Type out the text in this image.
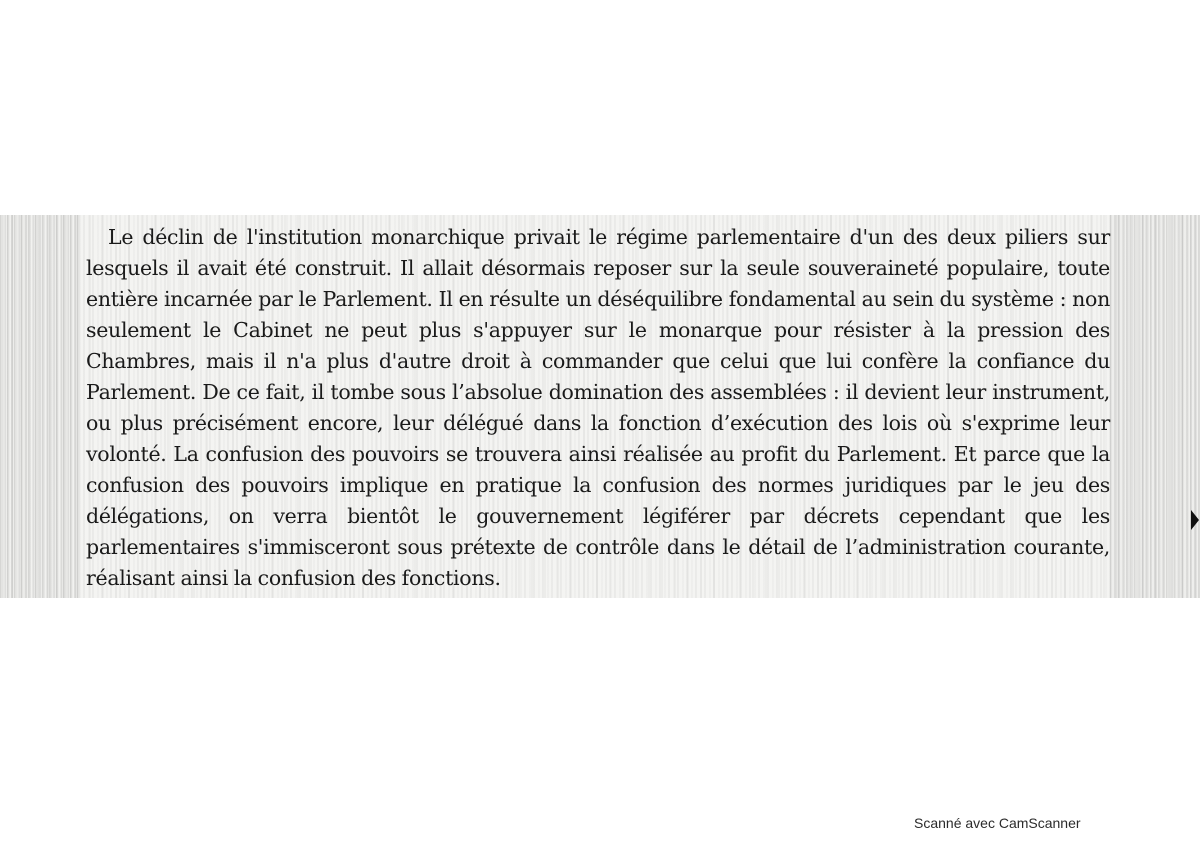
Le déclin de l'institution monarchique privait le régime parlementaire d'un des deux piliers sur lesquels il avait été construit. Il allait désormais reposer sur la seule souveraineté populaire, toute entière incarnée par le Parlement. Il en résulte un déséquilibre fondamental au sein du système : non seulement le Cabinet ne peut plus s'appuyer sur le monarque pour résister à la pression des Chambres, mais il n'a plus d'autre droit à commander que celui que lui confère la confiance du Parlement. De ce fait, il tombe sous l’absolue domination des assemblées : il devient leur instrument, ou plus précisément encore, leur délégué dans la fonction d’exécution des lois où s'exprime leur volonté. La confusion des pouvoirs se trouvera ainsi réalisée au profit du Parlement. Et parce que la confusion des pouvoirs implique en pratique la confusion des normes juridiques par le jeu des délégations, on verra bientôt le gouvernement légiférer par décrets cependant que les parlementaires s'immisceront sous prétexte de contrôle dans le détail de l’administration courante, réalisant ainsi la confusion des fonctions.

Scanné avec CamScanner
